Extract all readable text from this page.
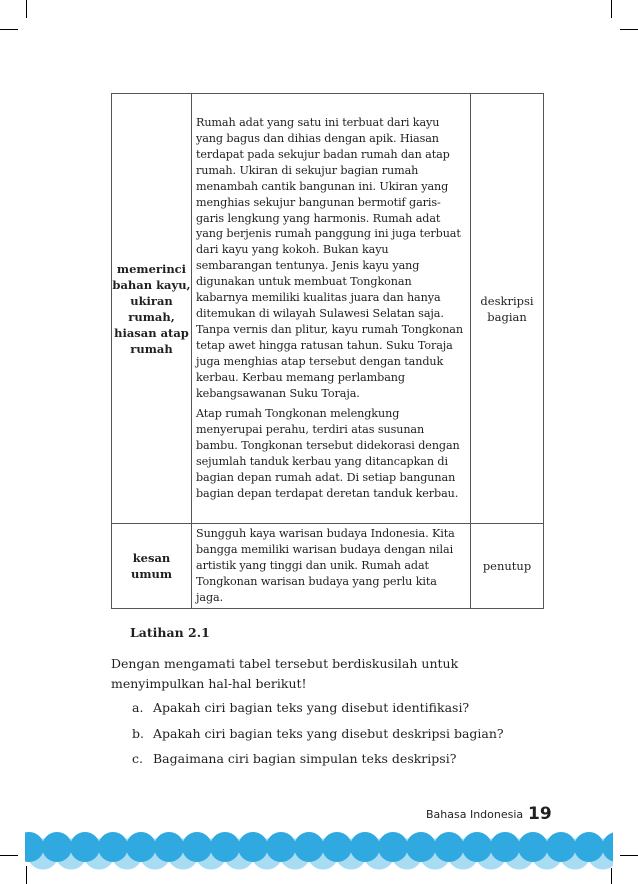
memerinci bahan kayu, ukiran rumah, hiasan atap rumah	Rumah adat yang satu ini terbuat dari kayu yang bagus dan dihias dengan apik. Hiasan terdapat pada sekujur badan rumah dan atap rumah. Ukiran di sekujur bagian rumah menambah cantik bangunan ini. Ukiran yang menghias sekujur bangunan bermotif garis-garis lengkung yang harmonis. Rumah adat yang berjenis rumah panggung ini juga terbuat dari kayu yang kokoh. Bukan kayu sembarangan tentunya. Jenis kayu yang digunakan untuk membuat Tongkonan kabarnya memiliki kualitas juara dan hanya ditemukan di wilayah Sulawesi Selatan saja. Tanpa vernis dan plitur, kayu rumah Tongkonan tetap awet hingga ratusan tahun. Suku Toraja juga menghias atap tersebut dengan tanduk kerbau. Kerbau memang perlambang kebangsawanan Suku Toraja.

Atap rumah Tongkonan melengkung menyerupai perahu, terdiri atas susunan bambu. Tongkonan tersebut didekorasi dengan sejumlah tanduk kerbau yang ditancapkan di bagian depan rumah adat. Di setiap bangunan bagian depan terdapat deretan tanduk kerbau.	deskripsi bagian
kesan umum	Sungguh kaya warisan budaya Indonesia. Kita bangga memiliki warisan budaya dengan nilai artistik yang tinggi dan unik. Rumah adat Tongkonan warisan budaya yang perlu kita jaga.	penutup
Latihan 2.1
Dengan mengamati tabel tersebut berdiskusilah untuk menyimpulkan hal-hal berikut!
a. Apakah ciri bagian teks yang disebut identifikasi?
b. Apakah ciri bagian teks yang disebut deskripsi bagian?
c. Bagaimana ciri bagian simpulan teks deskripsi?
Bahasa Indonesia 19
